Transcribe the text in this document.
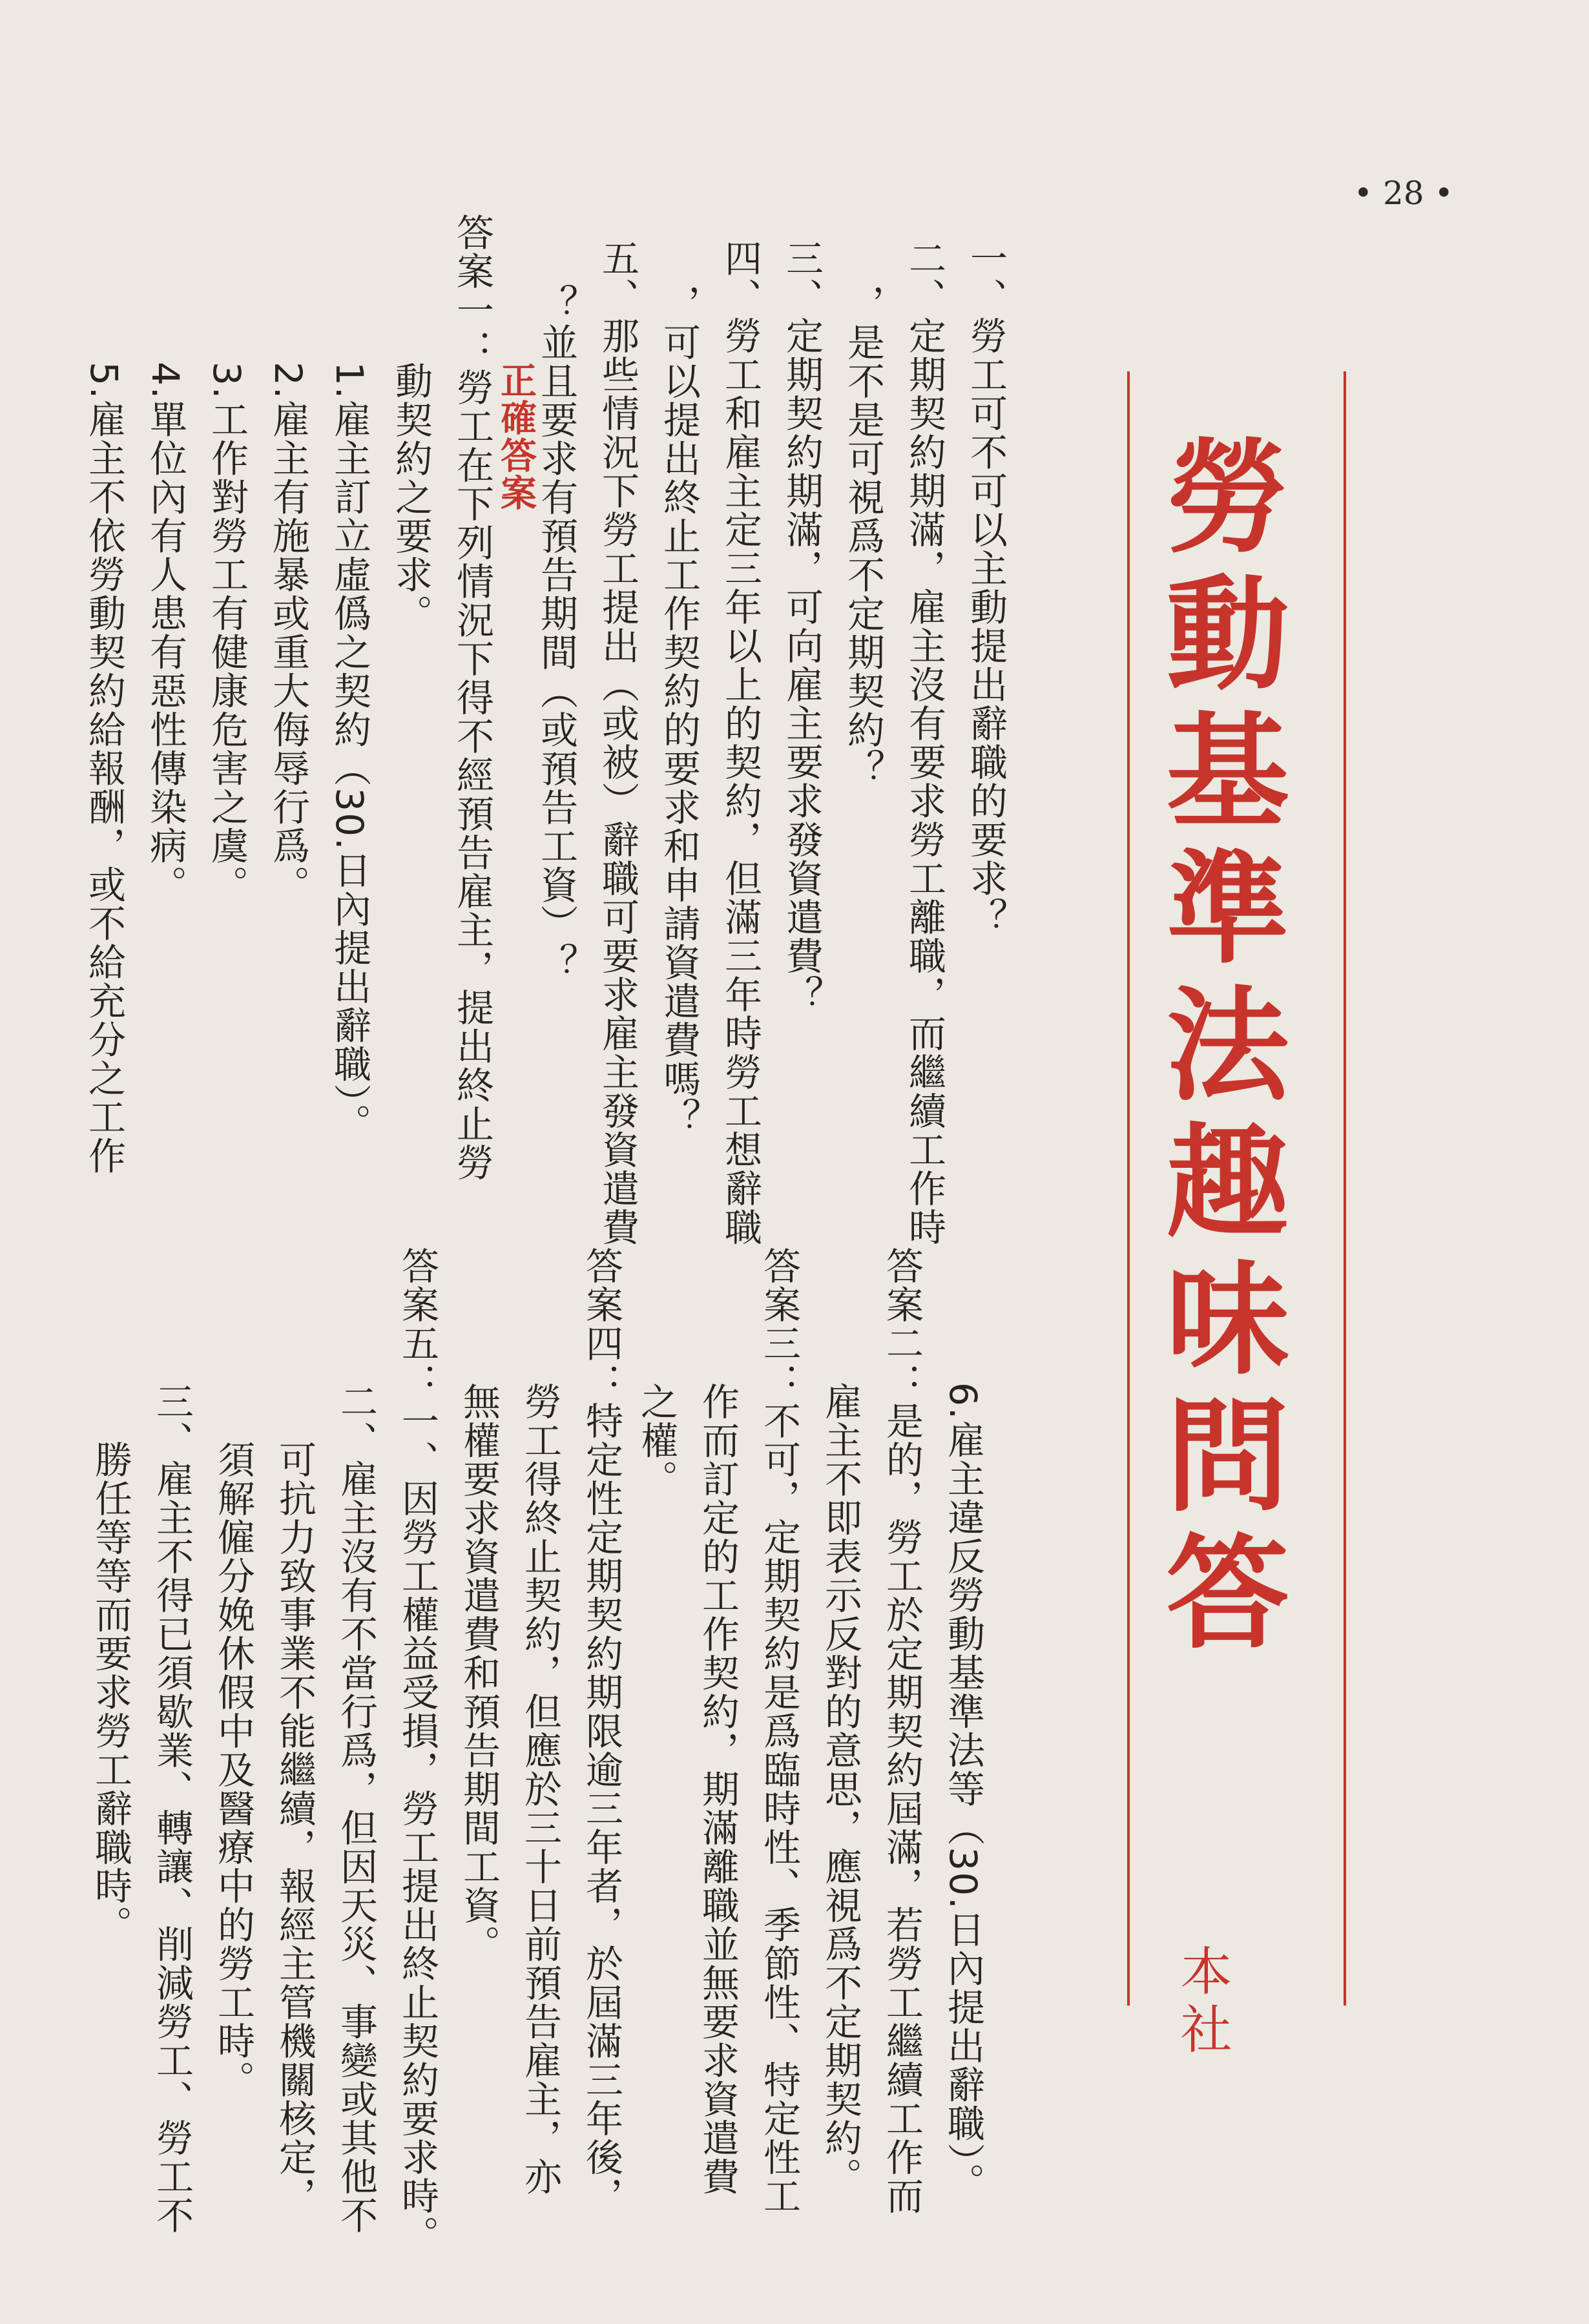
• 28 •
勞動基準法趣味問答
本社
一、勞工可不可以主動提出辭職的要求？
二、定期契約期滿，雇主沒有要求勞工離職，而繼續工作時
，是不是可視爲不定期契約？
三、定期契約期滿，可向雇主要求發資遣費？
四、勞工和雇主定三年以上的契約，但滿三年時勞工想辭職
，可以提出終止工作契約的要求和申請資遣費嗎？
五、那些情況下勞工提出（或被）辭職可要求雇主發資遣費
？並且要求有預告期間（或預告工資）？
正確答案
答案一：勞工在下列情況下得不經預告雇主，提出終止勞
動契約之要求。
1.雇主訂立虛僞之契約（30.日內提出辭職）。
2.雇主有施暴或重大侮辱行爲。
3.工作對勞工有健康危害之虞。
4.單位內有人患有惡性傳染病。
5.雇主不依勞動契約給報酬，或不給充分之工作
6.雇主違反勞動基準法等（30.日內提出辭職）。
答案二：是的，勞工於定期契約屆滿，若勞工繼續工作而
雇主不即表示反對的意思，應視爲不定期契約。
答案三：不可，定期契約是爲臨時性、季節性、特定性工
作而訂定的工作契約，期滿離職並無要求資遣費
之權。
答案四：特定性定期契約期限逾三年者，於屆滿三年後，
勞工得終止契約，但應於三十日前預告雇主，亦
無權要求資遣費和預告期間工資。
答案五：一、因勞工權益受損，勞工提出終止契約要求時。
二、雇主沒有不當行爲，但因天災、事變或其他不
可抗力致事業不能繼續，報經主管機關核定，
須解僱分娩休假中及醫療中的勞工時。
三、雇主不得已須歇業、轉讓、削減勞工、勞工不
勝任等等而要求勞工辭職時。
